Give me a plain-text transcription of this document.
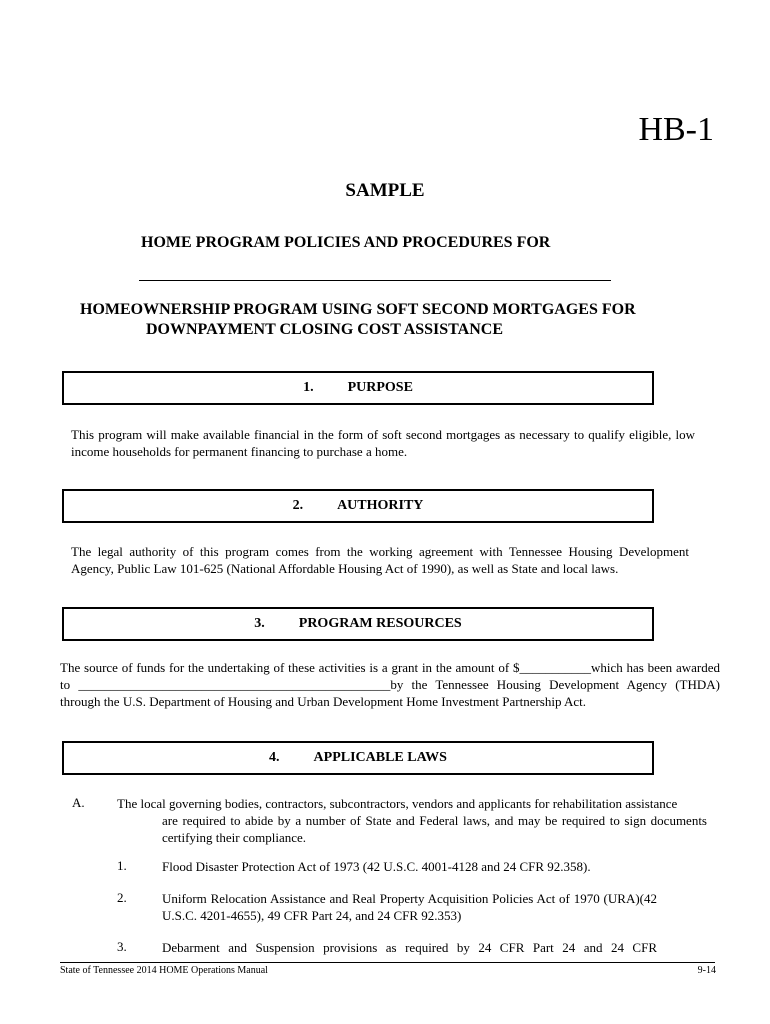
HB-1
SAMPLE
HOME PROGRAM POLICIES AND PROCEDURES FOR
HOMEOWNERSHIP PROGRAM USING SOFT SECOND MORTGAGES FOR
DOWNPAYMENT CLOSING COST ASSISTANCE
1. PURPOSE
This program will make available financial in the form of soft second mortgages as necessary to qualify eligible, low income households for permanent financing to purchase a home.
2. AUTHORITY
The legal authority of this program comes from the working agreement with Tennessee Housing Development Agency, Public Law 101-625 (National Affordable Housing Act of 1990), as well as State and local laws.
3. PROGRAM RESOURCES
The source of funds for the undertaking of these activities is a grant in the amount of $___________which has been awarded to ________________________________________________by the Tennessee Housing Development Agency (THDA) through the U.S. Department of Housing and Urban Development Home Investment Partnership Act.
4. APPLICABLE LAWS
A. The local governing bodies, contractors, subcontractors, vendors and applicants for rehabilitation assistance
are required to abide by a number of State and Federal laws, and may be required to sign documents certifying their compliance.
1.	Flood Disaster Protection Act of 1973 (42 U.S.C. 4001-4128 and 24 CFR 92.358).
2.	Uniform Relocation Assistance and Real Property Acquisition Policies Act of 1970 (URA)(42 U.S.C. 4201-4655), 49 CFR Part 24, and 24 CFR 92.353)
3.	Debarment and Suspension provisions as required by 24 CFR Part 24 and 24 CFR
State of Tennessee 2014 HOME Operations Manual	9-14
